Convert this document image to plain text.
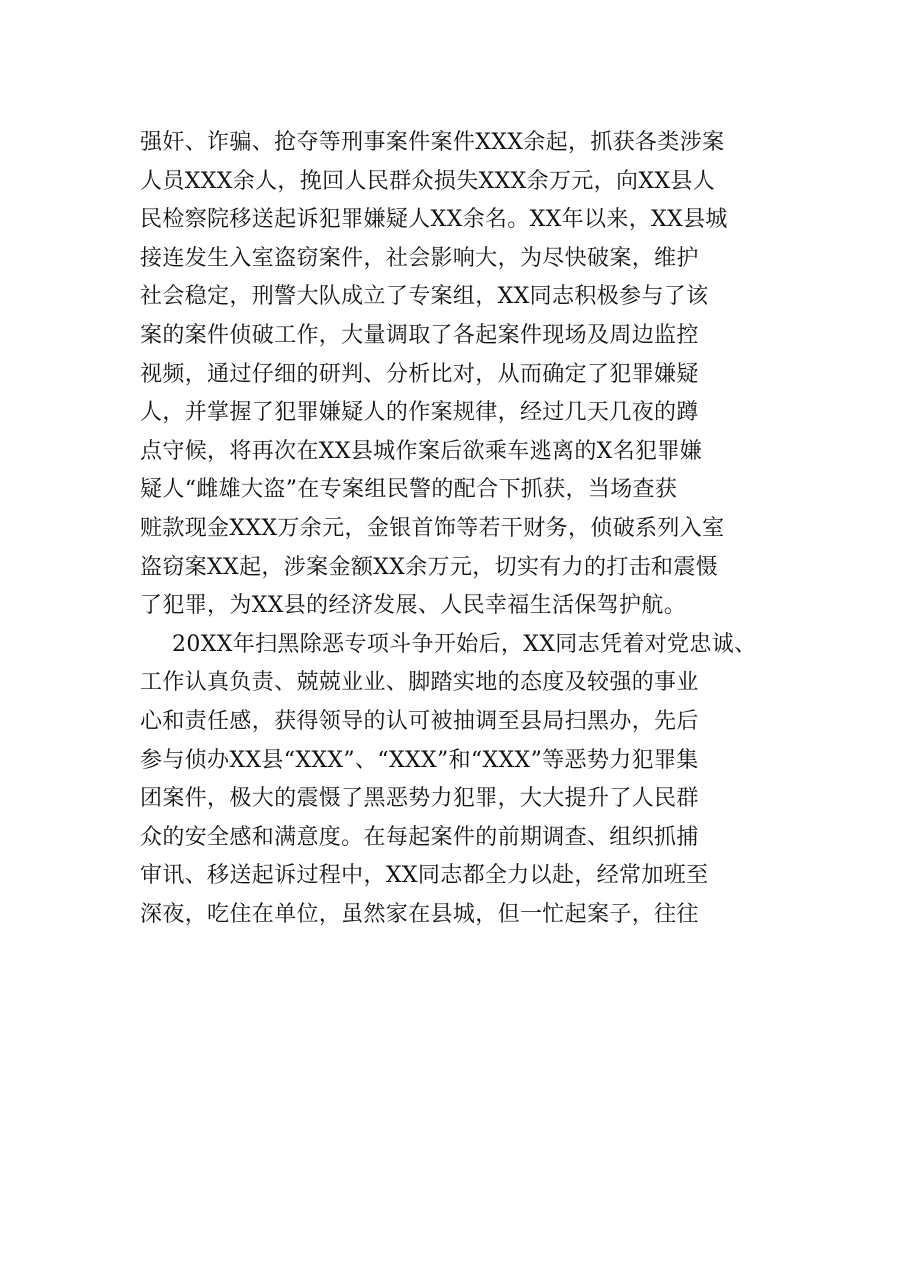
强奸、诈骗、抢夺等刑事案件案件XXX余起，抓获各类涉案
人员XXX余人，挽回人民群众损失XXX余万元，向XX县人
民检察院移送起诉犯罪嫌疑人XX余名。XX年以来，XX县城
接连发生入室盗窃案件，社会影响大，为尽快破案，维护
社会稳定，刑警大队成立了专案组，XX同志积极参与了该
案的案件侦破工作，大量调取了各起案件现场及周边监控
视频，通过仔细的研判、分析比对，从而确定了犯罪嫌疑
人，并掌握了犯罪嫌疑人的作案规律，经过几天几夜的蹲
点守候，将再次在XX县城作案后欲乘车逃离的X名犯罪嫌
疑人“雌雄大盗”在专案组民警的配合下抓获，当场查获
赃款现金XXX万余元，金银首饰等若干财务，侦破系列入室
盗窃案XX起，涉案金额XX余万元，切实有力的打击和震慑
了犯罪，为XX县的经济发展、人民幸福生活保驾护航。
20XX年扫黑除恶专项斗争开始后，XX同志凭着对党忠诚、
工作认真负责、兢兢业业、脚踏实地的态度及较强的事业
心和责任感，获得领导的认可被抽调至县局扫黑办，先后
参与侦办XX县“XXX”、“XXX”和“XXX”等恶势力犯罪集
团案件，极大的震慑了黑恶势力犯罪，大大提升了人民群
众的安全感和满意度。在每起案件的前期调查、组织抓捕
审讯、移送起诉过程中，XX同志都全力以赴，经常加班至
深夜，吃住在单位，虽然家在县城，但一忙起案子，往往
